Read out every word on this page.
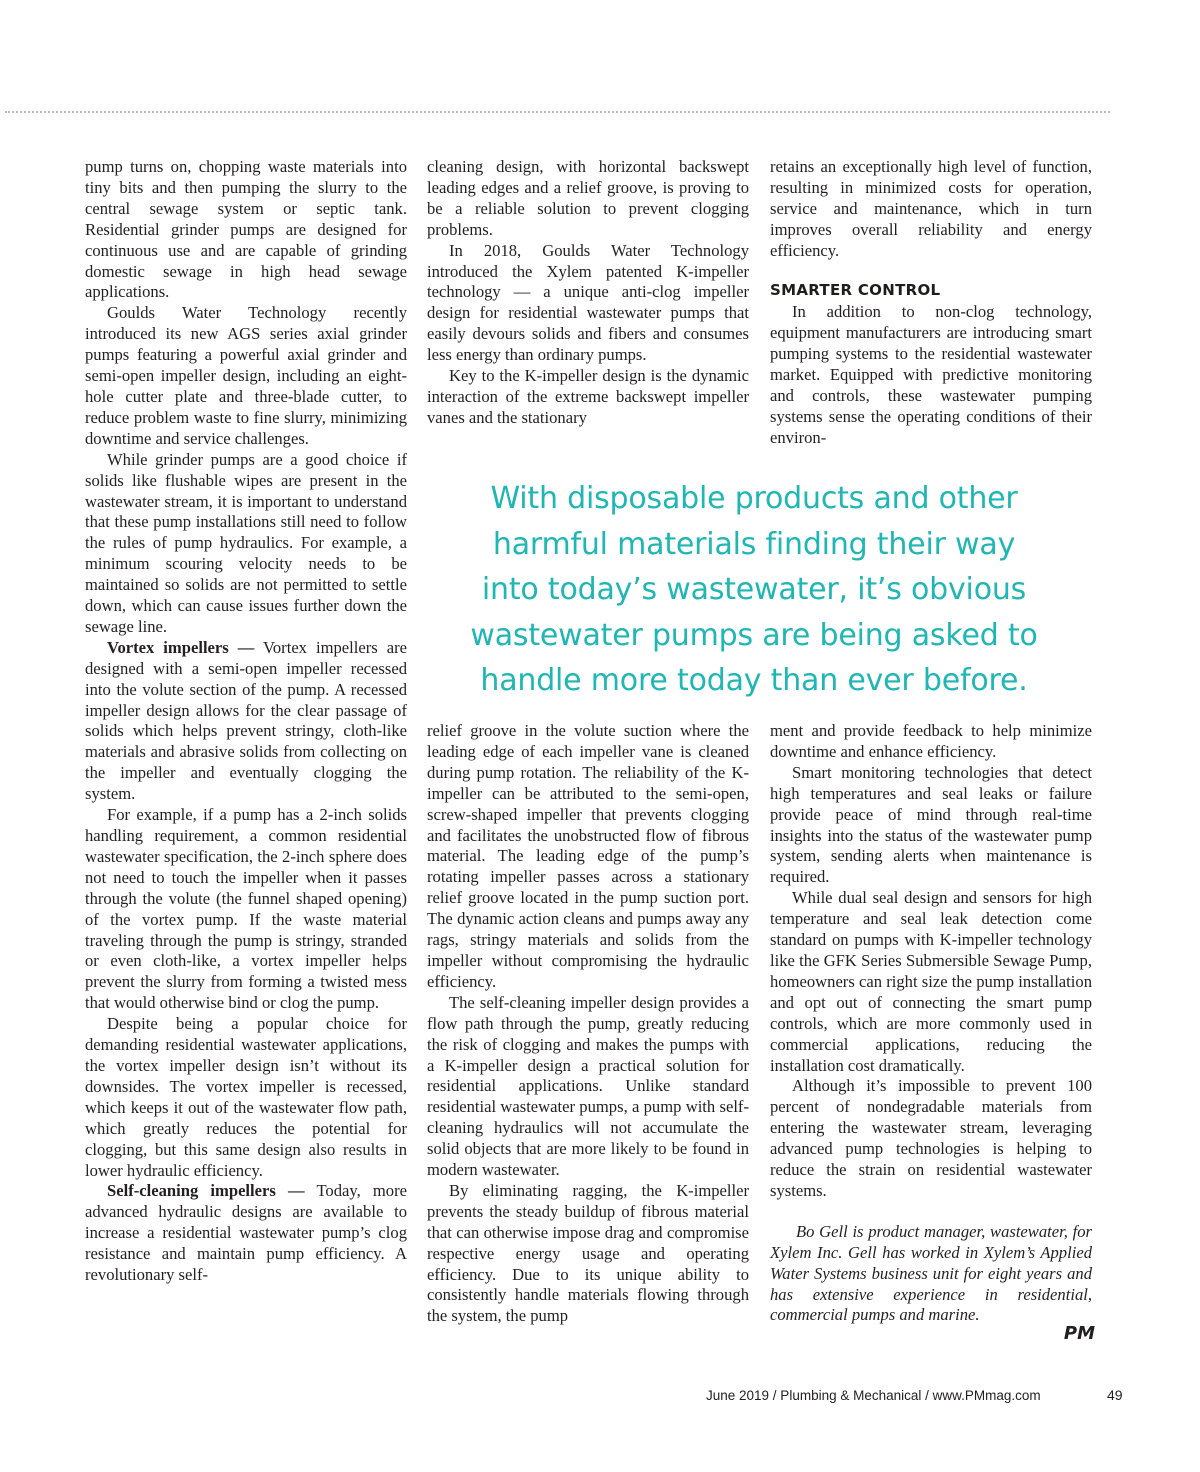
pump turns on, chopping waste materials into tiny bits and then pumping the slurry to the central sewage system or septic tank. Residential grinder pumps are designed for continuous use and are capable of grinding domestic sewage in high head sewage applications.

Goulds Water Technology recently introduced its new AGS series axial grinder pumps featuring a powerful axial grinder and semi-open impeller design, including an eight-hole cutter plate and three-blade cutter, to reduce problem waste to fine slurry, minimizing downtime and service challenges.

While grinder pumps are a good choice if solids like flushable wipes are present in the wastewater stream, it is important to understand that these pump installations still need to follow the rules of pump hydraulics. For example, a minimum scouring velocity needs to be maintained so solids are not permitted to settle down, which can cause issues further down the sewage line.

Vortex impellers — Vortex impellers are designed with a semi-open impeller recessed into the volute section of the pump. A recessed impeller design allows for the clear passage of solids which helps prevent stringy, cloth-like materials and abrasive solids from collecting on the impeller and eventually clogging the system.

For example, if a pump has a 2-inch solids handling requirement, a common residential wastewater specification, the 2-inch sphere does not need to touch the impeller when it passes through the volute (the funnel shaped opening) of the vortex pump. If the waste material traveling through the pump is stringy, stranded or even cloth-like, a vortex impeller helps prevent the slurry from forming a twisted mess that would otherwise bind or clog the pump.

Despite being a popular choice for demanding residential wastewater applications, the vortex impeller design isn’t without its downsides. The vortex impeller is recessed, which keeps it out of the wastewater flow path, which greatly reduces the potential for clogging, but this same design also results in lower hydraulic efficiency.

Self-cleaning impellers — Today, more advanced hydraulic designs are available to increase a residential wastewater pump’s clog resistance and maintain pump efficiency. A revolutionary self-

cleaning design, with horizontal backswept leading edges and a relief groove, is proving to be a reliable solution to prevent clogging problems.

In 2018, Goulds Water Technology introduced the Xylem patented K-impeller technology — a unique anti-clog impeller design for residential wastewater pumps that easily devours solids and fibers and consumes less energy than ordinary pumps.

Key to the K-impeller design is the dynamic interaction of the extreme backswept impeller vanes and the stationary

retains an exceptionally high level of function, resulting in minimized costs for operation, service and maintenance, which in turn improves overall reliability and energy efficiency.

SMARTER CONTROL

In addition to non-clog technology, equipment manufacturers are introducing smart pumping systems to the residential wastewater market. Equipped with predictive monitoring and controls, these wastewater pumping systems sense the operating conditions of their environ-

With disposable products and other
harmful materials finding their way
into today’s wastewater, it’s obvious
wastewater pumps are being asked to
handle more today than ever before.

relief groove in the volute suction where the leading edge of each impeller vane is cleaned during pump rotation. The reliability of the K-impeller can be attributed to the semi-open, screw-shaped impeller that prevents clogging and facilitates the unobstructed flow of fibrous material. The leading edge of the pump’s rotating impeller passes across a stationary relief groove located in the pump suction port. The dynamic action cleans and pumps away any rags, stringy materials and solids from the impeller without compromising the hydraulic efficiency.

The self-cleaning impeller design provides a flow path through the pump, greatly reducing the risk of clogging and makes the pumps with a K-impeller design a practical solution for residential applications. Unlike standard residential wastewater pumps, a pump with self-cleaning hydraulics will not accumulate the solid objects that are more likely to be found in modern wastewater.

By eliminating ragging, the K-impeller prevents the steady buildup of fibrous material that can otherwise impose drag and compromise respective energy usage and operating efficiency. Due to its unique ability to consistently handle materials flowing through the system, the pump

ment and provide feedback to help minimize downtime and enhance efficiency.

Smart monitoring technologies that detect high temperatures and seal leaks or failure provide peace of mind through real-time insights into the status of the wastewater pump system, sending alerts when maintenance is required.

While dual seal design and sensors for high temperature and seal leak detection come standard on pumps with K-impeller technology like the GFK Series Submersible Sewage Pump, homeowners can right size the pump installation and opt out of connecting the smart pump controls, which are more commonly used in commercial applications, reducing the installation cost dramatically.

Although it’s impossible to prevent 100 percent of nondegradable materials from entering the wastewater stream, leveraging advanced pump technologies is helping to reduce the strain on residential wastewater systems.

Bo Gell is product manager, wastewater, for Xylem Inc. Gell has worked in Xylem’s Applied Water Systems business unit for eight years and has extensive experience in residential, commercial pumps and marine.

PM
June 2019 / Plumbing & Mechanical / www.PMmag.com	49
